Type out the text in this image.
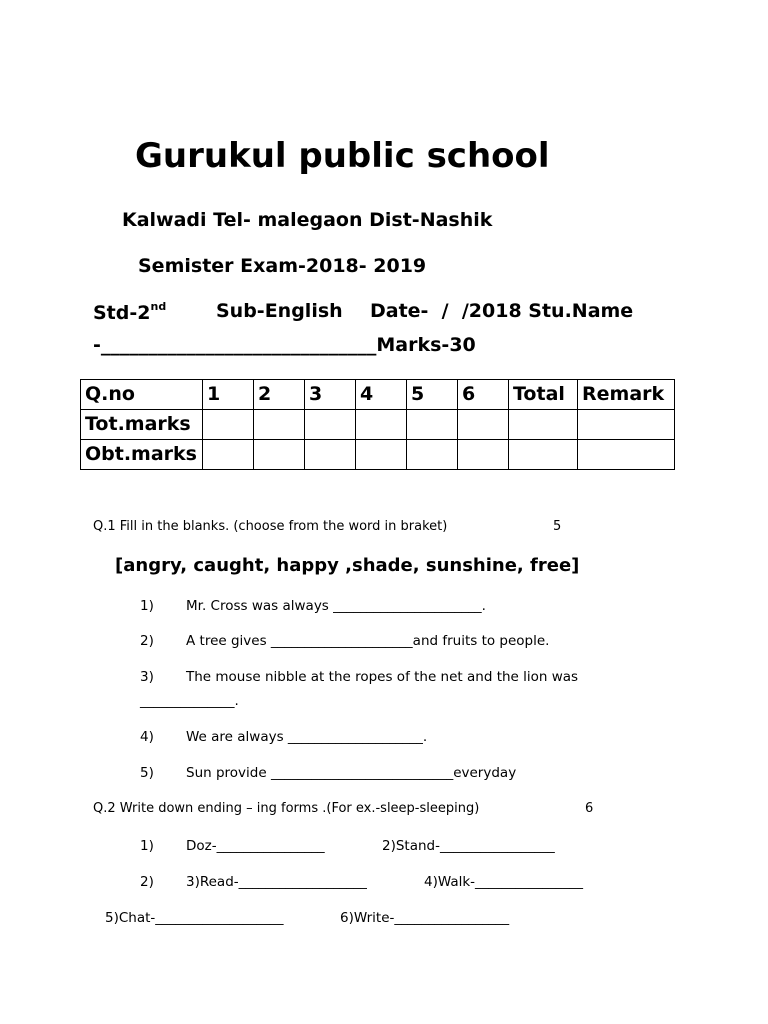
Gurukul public school
Kalwadi Tel- malegaon Dist-Nashik
Semister Exam-2018- 2019
Std-2nd	Sub-English Date-  /  /2018 Stu.Name
-_____________________________Marks-30
Q.no	1	2	3	4	5	6	Total	Remark
Tot.marks								
Obt.marks								
Q.1 Fill in the blanks. (choose from the word in braket)	5
[angry, caught, happy ,shade, sunshine, free]
1) Mr. Cross was always ______________________.
2) A tree gives _____________________and fruits to people.
3) The mouse nibble at the ropes of the net and the lion was
______________.
4) We are always ____________________.
5) Sun provide ___________________________everyday
Q.2 Write down ending – ing forms .(For ex.-sleep-sleeping)	6
1) Doz-________________	2)Stand-_________________
2) 3)Read-___________________	4)Walk-________________
5)Chat-___________________	6)Write-_________________
